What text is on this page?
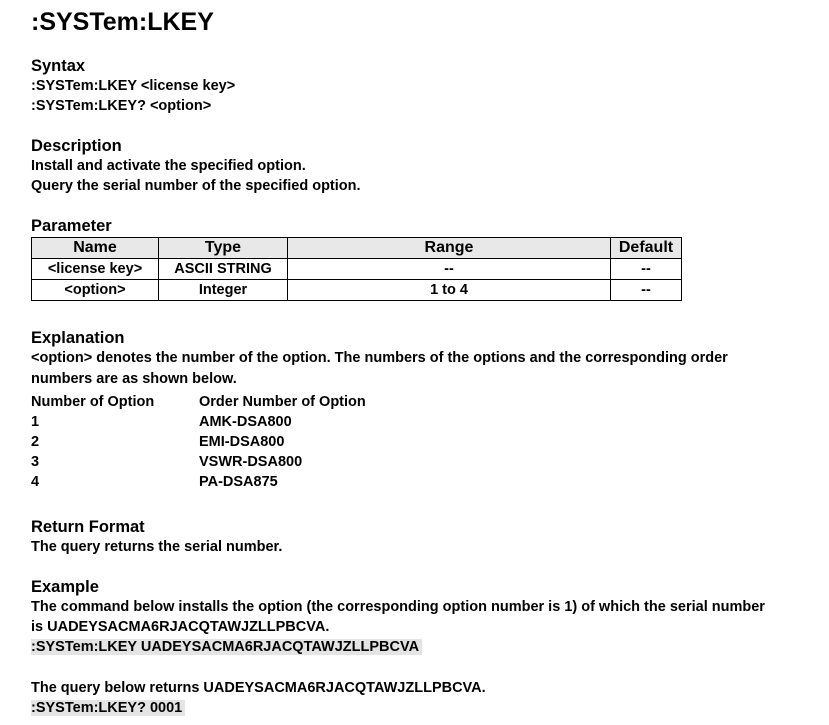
:SYSTem:LKEY
Syntax
:SYSTem:LKEY <license key>
:SYSTem:LKEY? <option>
Description
Install and activate the specified option.
Query the serial number of the specified option.
Parameter
Name	Type	Range	Default
<license key>	ASCII STRING	--	--
<option>	Integer	1 to 4	--
Explanation
<option> denotes the number of the option. The numbers of the options and the corresponding order
numbers are as shown below.
Number of Option	Order Number of Option
1	AMK-DSA800
2	EMI-DSA800
3	VSWR-DSA800
4	PA-DSA875
Return Format
The query returns the serial number.
Example
The command below installs the option (the corresponding option number is 1) of which the serial number
is UADEYSACMA6RJACQTAWJZLLPBCVA.
:SYSTem:LKEY UADEYSACMA6RJACQTAWJZLLPBCVA
The query below returns UADEYSACMA6RJACQTAWJZLLPBCVA.
:SYSTem:LKEY? 0001
